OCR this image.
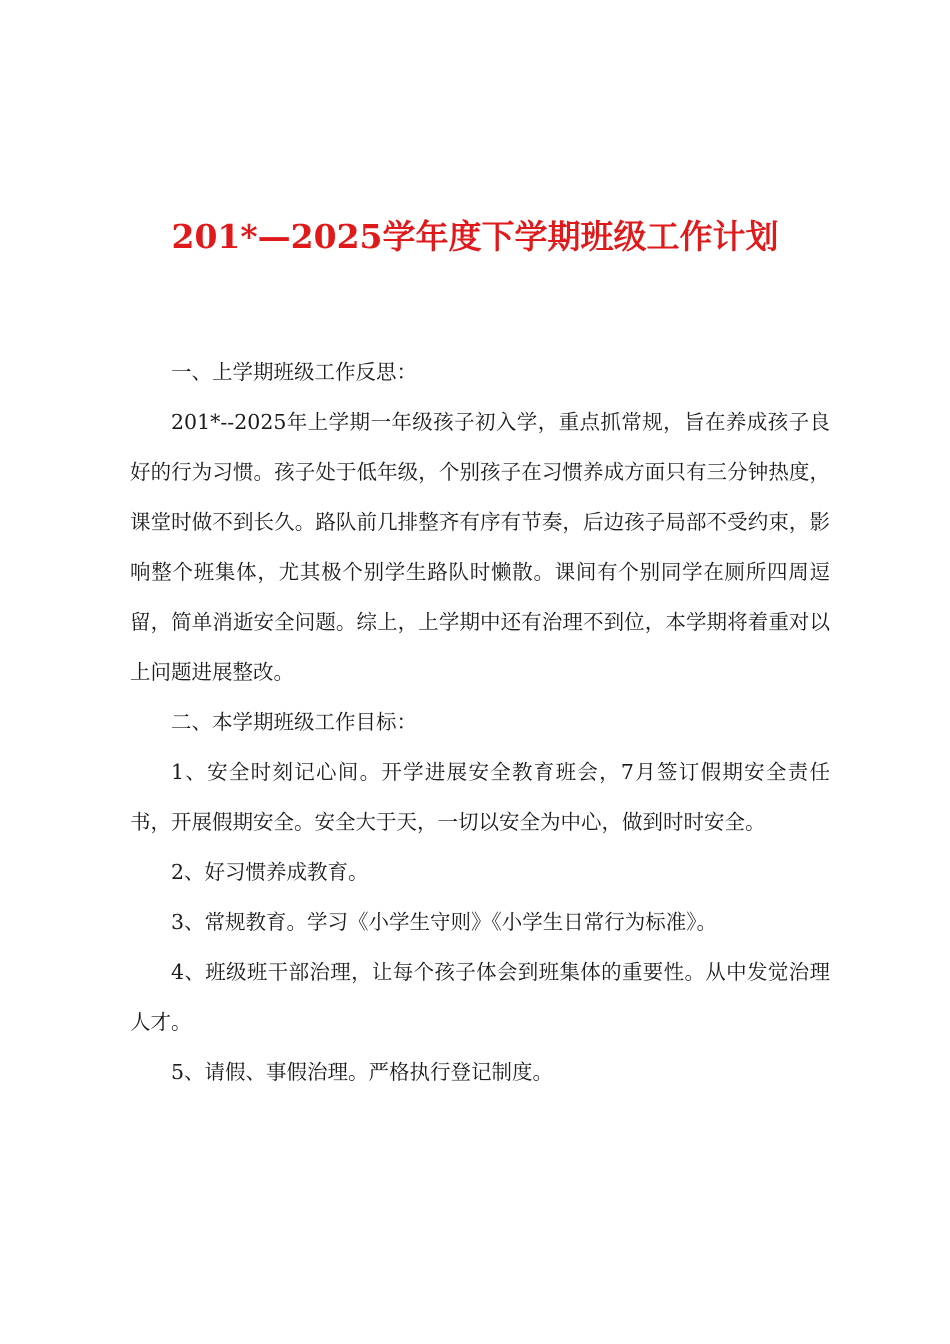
201*—2025学年度下学期班级工作计划

一、上学期班级工作反思：

201*--2025年上学期一年级孩子初入学，重点抓常规，旨在养成孩子良好的行为习惯。孩子处于低年级，个别孩子在习惯养成方面只有三分钟热度，课堂时做不到长久。路队前几排整齐有序有节奏，后边孩子局部不受约束，影响整个班集体，尤其极个别学生路队时懒散。课间有个别同学在厕所四周逗留，简单消逝安全问题。综上，上学期中还有治理不到位，本学期将着重对以上问题进展整改。

二、本学期班级工作目标：

1、安全时刻记心间。开学进展安全教育班会，7月签订假期安全责任书，开展假期安全。安全大于天，一切以安全为中心，做到时时安全。

2、好习惯养成教育。

3、常规教育。学习《小学生守则》《小学生日常行为标准》。

4、班级班干部治理，让每个孩子体会到班集体的重要性。从中发觉治理人才。

5、请假、事假治理。严格执行登记制度。
